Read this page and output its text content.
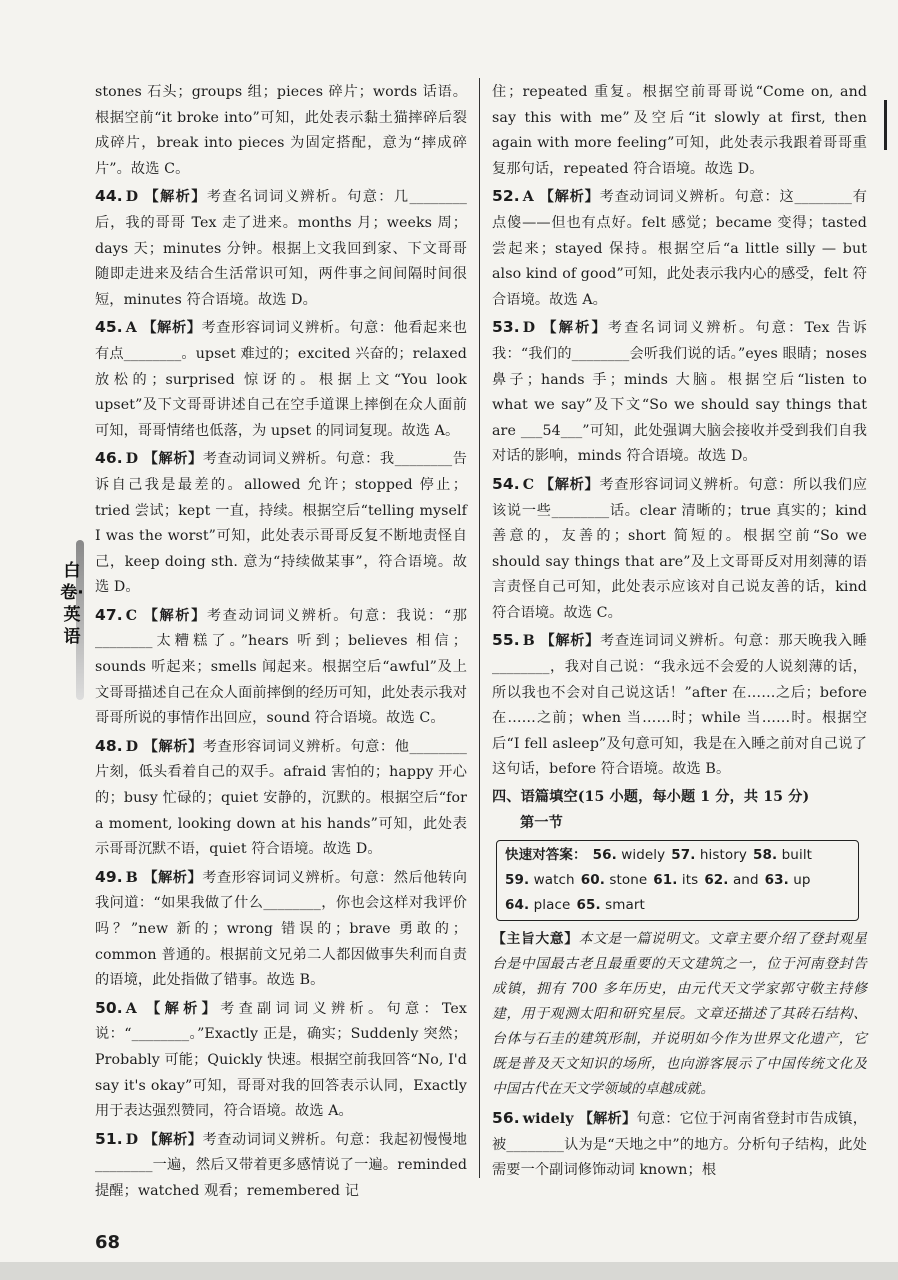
stones 石头；groups 组；pieces 碎片；words 话语。根据空前“it broke into”可知，此处表示黏土猫摔碎后裂成碎片，break into pieces 为固定搭配，意为“摔成碎片”。故选 C。

44. D 【解析】考查名词词义辨析。句意：几________后，我的哥哥 Tex 走了进来。months 月；weeks 周；days 天；minutes 分钟。根据上文我回到家、下文哥哥随即走进来及结合生活常识可知，两件事之间间隔时间很短，minutes 符合语境。故选 D。

45. A 【解析】考查形容词词义辨析。句意：他看起来也有点________。upset 难过的；excited 兴奋的；relaxed 放松的；surprised 惊讶的。根据上文“You look upset”及下文哥哥讲述自己在空手道课上摔倒在众人面前可知，哥哥情绪也低落，为 upset 的同词复现。故选 A。

46. D 【解析】考查动词词义辨析。句意：我________告诉自己我是最差的。allowed 允许；stopped 停止；tried 尝试；kept 一直，持续。根据空后“telling myself I was the worst”可知，此处表示哥哥反复不断地责怪自己，keep doing sth. 意为“持续做某事”，符合语境。故选 D。

47. C 【解析】考查动词词义辨析。句意：我说：“那________太糟糕了。”hears 听到；believes 相信；sounds 听起来；smells 闻起来。根据空后“awful”及上文哥哥描述自己在众人面前摔倒的经历可知，此处表示我对哥哥所说的事情作出回应，sound 符合语境。故选 C。

48. D 【解析】考查形容词词义辨析。句意：他________片刻，低头看着自己的双手。afraid 害怕的；happy 开心的；busy 忙碌的；quiet 安静的，沉默的。根据空后“for a moment, looking down at his hands”可知，此处表示哥哥沉默不语，quiet 符合语境。故选 D。

49. B 【解析】考查形容词词义辨析。句意：然后他转向我问道：“如果我做了什么________，你也会这样对我评价吗？”new 新的；wrong 错误的；brave 勇敢的；common 普通的。根据前文兄弟二人都因做事失利而自责的语境，此处指做了错事。故选 B。

50. A 【解析】考查副词词义辨析。句意：Tex 说：“________。”Exactly 正是，确实；Suddenly 突然；Probably 可能；Quickly 快速。根据空前我回答“No, I'd say it's okay”可知，哥哥对我的回答表示认同，Exactly 用于表达强烈赞同，符合语境。故选 A。

51. D 【解析】考查动词词义辨析。句意：我起初慢慢地________一遍，然后又带着更多感情说了一遍。reminded 提醒；watched 观看；remembered 记

住；repeated 重复。根据空前哥哥说“Come on, and say this with me”及空后“it slowly at first, then again with more feeling”可知，此处表示我跟着哥哥重复那句话，repeated 符合语境。故选 D。

52. A 【解析】考查动词词义辨析。句意：这________有点傻——但也有点好。felt 感觉；became 变得；tasted 尝起来；stayed 保持。根据空后“a little silly — but also kind of good”可知，此处表示我内心的感受，felt 符合语境。故选 A。

53. D 【解析】考查名词词义辨析。句意：Tex 告诉我：“我们的________会听我们说的话。”eyes 眼睛；noses 鼻子；hands 手；minds 大脑。根据空后“listen to what we say”及下文“So we should say things that are ___54___”可知，此处强调大脑会接收并受到我们自我对话的影响，minds 符合语境。故选 D。

54. C 【解析】考查形容词词义辨析。句意：所以我们应该说一些________话。clear 清晰的；true 真实的；kind 善意的，友善的；short 简短的。根据空前“So we should say things that are”及上文哥哥反对用刻薄的语言责怪自己可知，此处表示应该对自己说友善的话，kind 符合语境。故选 C。

55. B 【解析】考查连词词义辨析。句意：那天晚我入睡________，我对自己说：“我永远不会爱的人说刻薄的话，所以我也不会对自己说这话！”after 在……之后；before 在……之前；when 当……时；while 当……时。根据空后“I fell asleep”及句意可知，我是在入睡之前对自己说了这句话，before 符合语境。故选 B。

四、语篇填空(15 小题，每小题 1 分，共 15 分)

第一节

快速对答案： 56. widely 57. history 58. built
59. watch 60. stone 61. its 62. and 63. up
64. place 65. smart

【主旨大意】本文是一篇说明文。文章主要介绍了登封观星台是中国最古老且最重要的天文建筑之一，位于河南登封告成镇，拥有 700 多年历史，由元代天文学家郭守敬主持修建，用于观测太阳和研究星辰。文章还描述了其砖石结构、台体与石圭的建筑形制，并说明如今作为世界文化遗产，它既是普及天文知识的场所，也向游客展示了中国传统文化及中国古代在天文学领域的卓越成就。

56. widely 【解析】句意：它位于河南省登封市告成镇，被________认为是“天地之中”的地方。分析句子结构，此处需要一个副词修饰动词 known；根

白卷·英语
68
